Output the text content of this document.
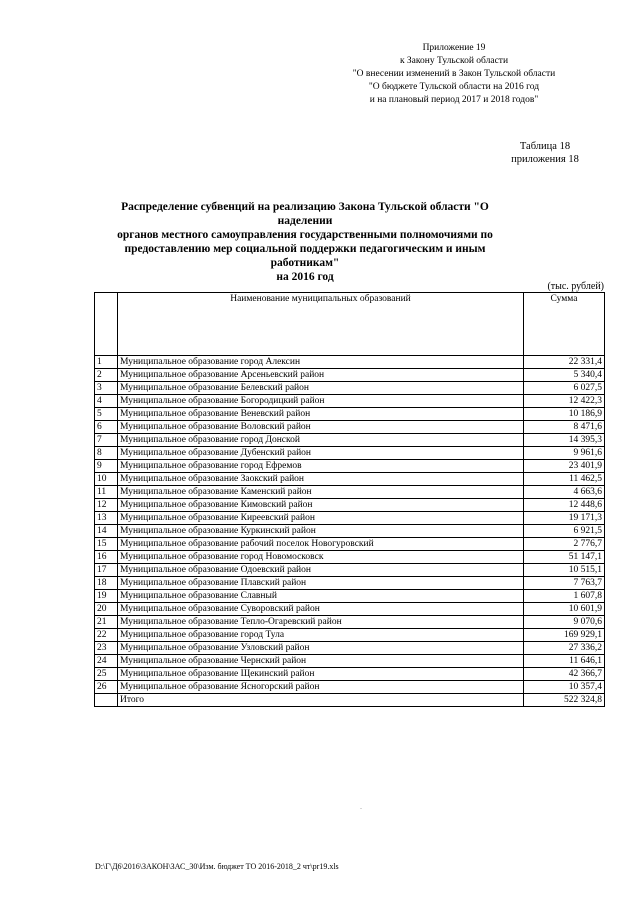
Приложение 19
к Закону Тульской области
"О внесении изменений в Закон Тульской области
"О бюджете Тульской области на 2016 год
и на плановый период 2017 и 2018 годов"
Таблица 18
приложения 18
Распределение субвенций на реализацию Закона Тульской области "О наделении
органов местного самоуправления государственными полномочиями по
предоставлению мер социальной поддержки педагогическим и иным работникам"
на 2016 год
(тыс. рублей)
	Наименование муниципальных образований	Сумма
1	Муниципальное образование город Алексин	22 331,4
2	Муниципальное образование Арсеньевский район	5 340,4
3	Муниципальное образование Белевский район	6 027,5
4	Муниципальное образование Богородицкий район	12 422,3
5	Муниципальное образование Веневский район	10 186,9
6	Муниципальное образование Воловский район	8 471,6
7	Муниципальное образование город Донской	14 395,3
8	Муниципальное образование Дубенский район	9 961,6
9	Муниципальное образование город Ефремов	23 401,9
10	Муниципальное образование Заокский район	11 462,5
11	Муниципальное образование Каменский район	4 663,6
12	Муниципальное образование Кимовский район	12 448,6
13	Муниципальное образование Киреевский район	19 171,3
14	Муниципальное образование Куркинский район	6 921,5
15	Муниципальное образование рабочий поселок Новогуровский	2 776,7
16	Муниципальное образование город Новомосковск	51 147,1
17	Муниципальное образование Одоевский район	10 515,1
18	Муниципальное образование Плавский район	7 763,7
19	Муниципальное образование Славный	1 607,8
20	Муниципальное образование Суворовский район	10 601,9
21	Муниципальное образование Тепло-Огаревский район	9 070,6
22	Муниципальное образование город Тула	169 929,1
23	Муниципальное образование Узловский район	27 336,2
24	Муниципальное образование Чернский район	11 646,1
25	Муниципальное образование Щекинский район	42 366,7
26	Муниципальное образование Ясногорский район	10 357,4
	Итого	522 324,8
.
D:\Г\Д6\2016\ЗАКОН\ЗАС_30\Изм. бюджет ТО 2016-2018_2 чт\pr19.xls
